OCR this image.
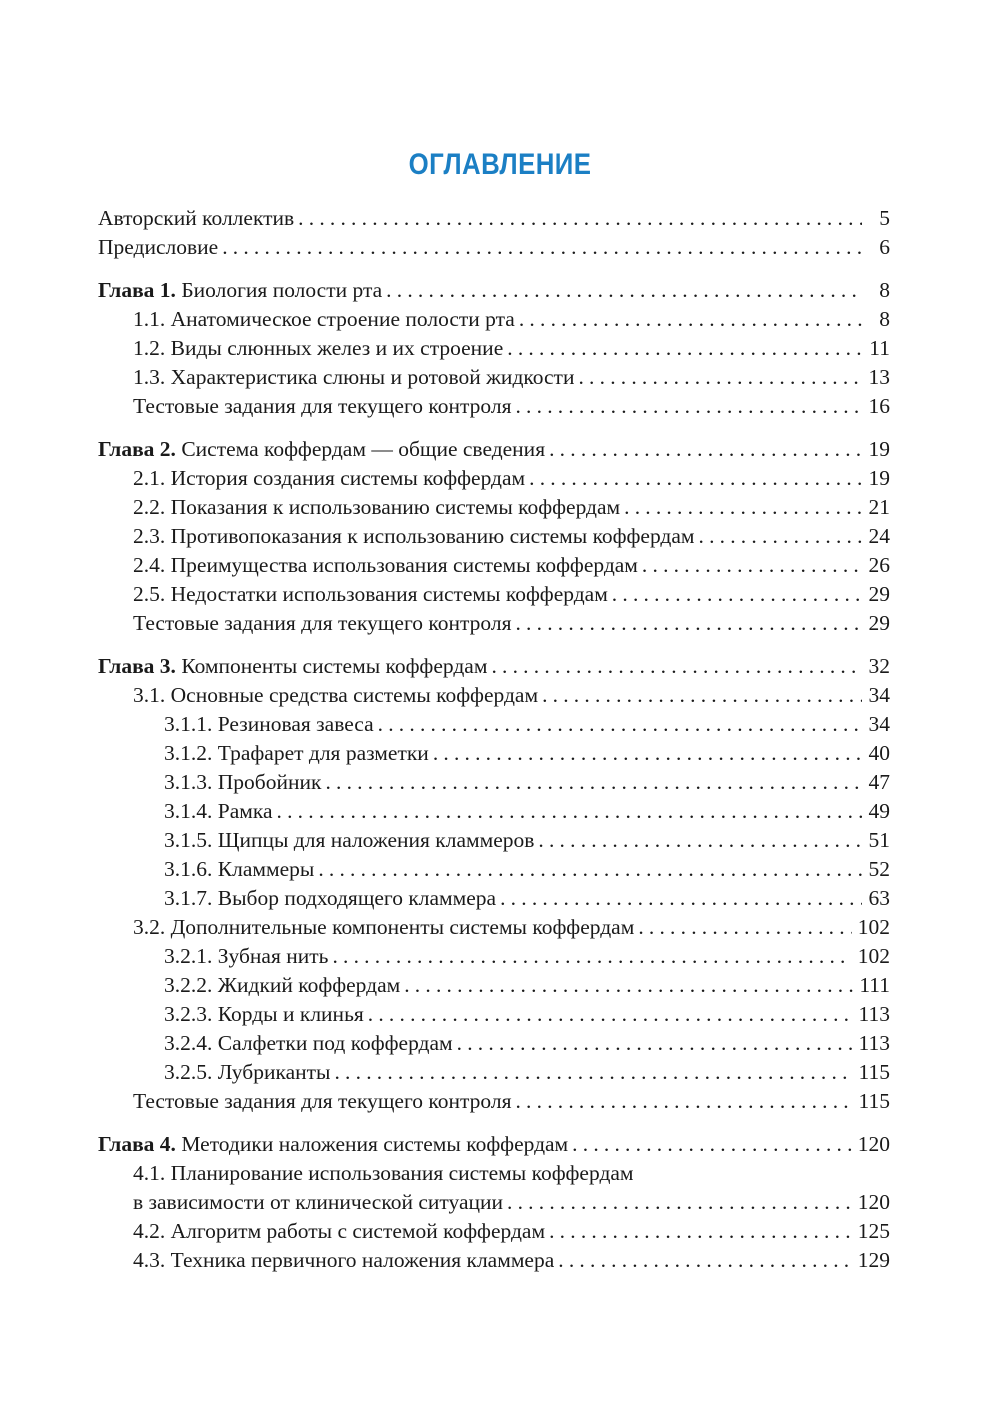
ОГЛАВЛЕНИЕ
Авторский коллектив .....	5
Предисловие .....	6
Глава 1. Биология полости рта .....	8
1.1. Анатомическое строение полости рта .....	8
1.2. Виды слюнных желез и их строение .....	11
1.3. Характеристика слюны и ротовой жидкости .....	13
Тестовые задания для текущего контроля .....	16
Глава 2. Система коффердам — общие сведения .....	19
2.1. История создания системы коффердам .....	19
2.2. Показания к использованию системы коффердам .....	21
2.3. Противопоказания к использованию системы коффердам .....	24
2.4. Преимущества использования системы коффердам .....	26
2.5. Недостатки использования системы коффердам .....	29
Тестовые задания для текущего контроля .....	29
Глава 3. Компоненты системы коффердам .....	32
3.1. Основные средства системы коффердам .....	34
3.1.1. Резиновая завеса .....	34
3.1.2. Трафарет для разметки .....	40
3.1.3. Пробойник .....	47
3.1.4. Рамка .....	49
3.1.5. Щипцы для наложения кламмеров .....	51
3.1.6. Кламмеры .....	52
3.1.7. Выбор подходящего кламмера .....	63
3.2. Дополнительные компоненты системы коффердам .....	102
3.2.1. Зубная нить .....	102
3.2.2. Жидкий коффердам .....	111
3.2.3. Корды и клинья .....	113
3.2.4. Салфетки под коффердам .....	113
3.2.5. Лубриканты .....	115
Тестовые задания для текущего контроля .....	115
Глава 4. Методики наложения системы коффердам .....	120
4.1. Планирование использования системы коффердам
в зависимости от клинической ситуации .....	120
4.2. Алгоритм работы с системой коффердам .....	125
4.3. Техника первичного наложения кламмера .....	129
